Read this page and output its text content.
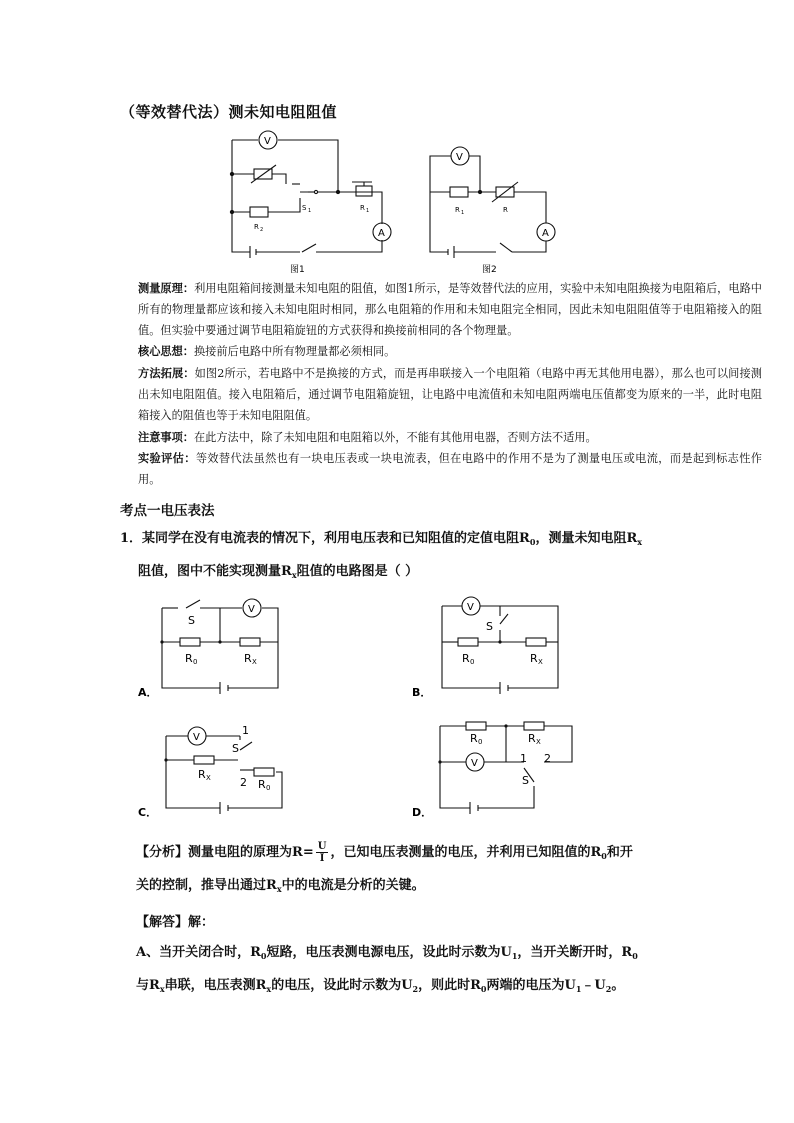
（等效替代法）测未知电阻阻值
V
A
S 1	R 1
R 2
图1
V
A
R 1	R
图2
测量原理：利用电阻箱间接测量未知电阻的阻值，如图1所示，是等效替代法的应用，实验中未知电阻换接为电阻箱后，电路中所有的物理量都应该和接入未知电阻时相同，那么电阻箱的作用和未知电阻完全相同，因此未知电阻阻值等于电阻箱接入的阻值。但实验中要通过调节电阻箱旋钮的方式获得和换接前相同的各个物理量。
核心思想：换接前后电路中所有物理量都必须相同。
方法拓展：如图2所示，若电路中不是换接的方式，而是再串联接入一个电阻箱（电路中再无其他用电器），那么也可以间接测出未知电阻阻值。接入电阻箱后，通过调节电阻箱旋钮，让电路中电流值和未知电阻两端电压值都变为原来的一半，此时电阻箱接入的阻值也等于未知电阻阻值。
注意事项：在此方法中，除了未知电阻和电阻箱以外，不能有其他用电器，否则方法不适用。
实验评估：等效替代法虽然也有一块电压表或一块电流表，但在电路中的作用不是为了测量电压或电流，而是起到标志性作用。
考点一电压表法
1．某同学在没有电流表的情况下，利用电压表和已知阻值的定值电阻$R_0$，测量未知电阻$R_x$
阻值，图中不能实现测量$R_x$阻值的电路图是（ ）
V
S
R 0	R X
A．
V
S
R 0	R X
B．
V
1
S
R X	2 R 0
C．
V
R 0	R X
1 2
S
D．
【分析】测量电阻的原理为$R= \frac{U}{I}$ ，已知电压表测量的电压，并利用已知阻值的$R_0$和开
关的控制，推导出通过$R_x$中的电流是分析的关键。
【解答】解：
A、当开关闭合时，$R_0$短路，电压表测电源电压，设此时示数为$U_1$，当开关断开时，$R_0$
与$R_x$串联，电压表测$R_x$的电压，设此时示数为$U_2$，则此时$R_0$两端的电压为$U_1﹣U_2$。
